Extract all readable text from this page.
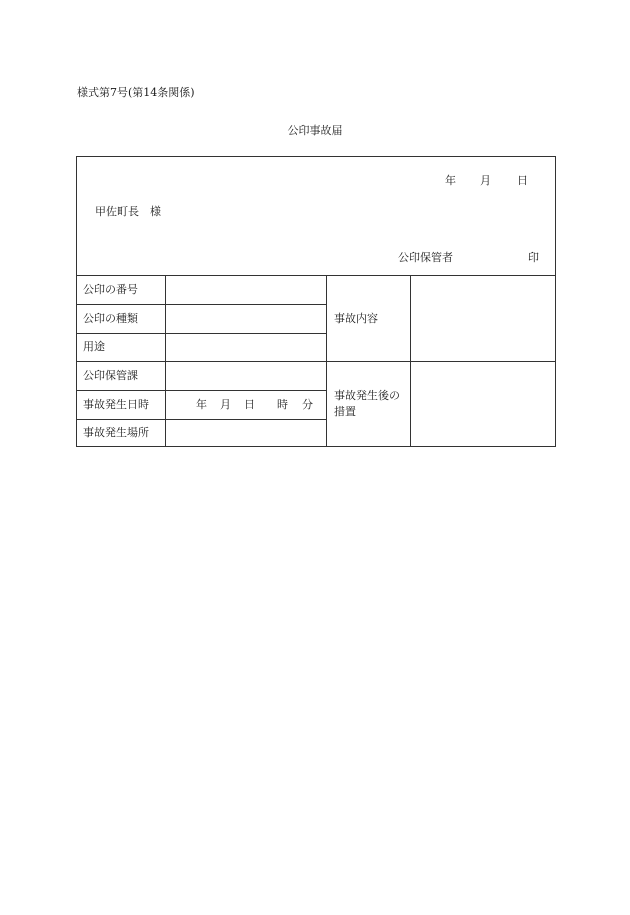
様式第7号(第14条関係)
公印事故届
年 月 日
甲佐町長　様
公印保管者	印
公印の番号
公印の種類
用途
公印保管課
事故発生日時
事故発生場所
年 月 日 時 分
事故内容
事故発生後の
措置
